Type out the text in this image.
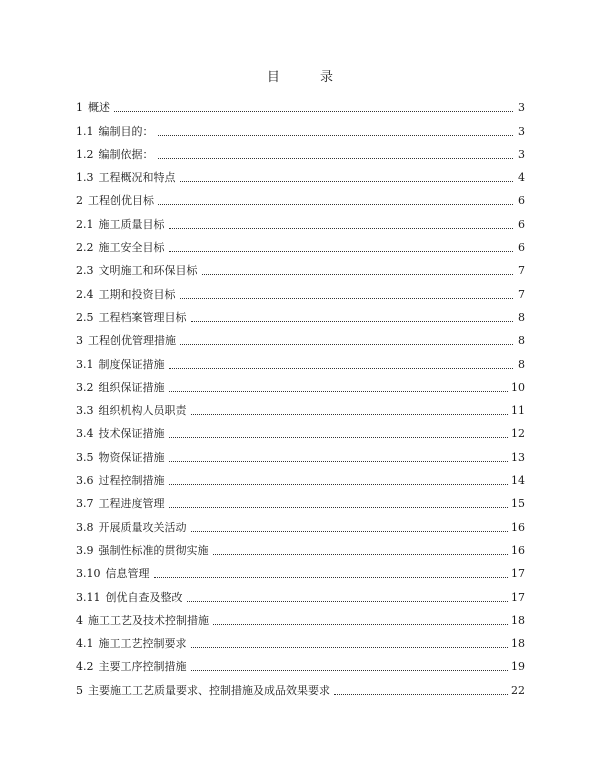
目 录
1 概述	3
1.1 编制目的：	3
1.2 编制依据：	3
1.3 工程概况和特点	4
2 工程创优目标	6
2.1 施工质量目标	6
2.2 施工安全目标	6
2.3 文明施工和环保目标	7
2.4 工期和投资目标	7
2.5 工程档案管理目标	8
3 工程创优管理措施	8
3.1 制度保证措施	8
3.2 组织保证措施	10
3.3 组织机构人员职责	11
3.4 技术保证措施	12
3.5 物资保证措施	13
3.6 过程控制措施	14
3.7 工程进度管理	15
3.8 开展质量攻关活动	16
3.9 强制性标准的贯彻实施	16
3.10 信息管理	17
3.11 创优自查及整改	17
4 施工工艺及技术控制措施	18
4.1 施工工艺控制要求	18
4.2 主要工序控制措施	19
5 主要施工工艺质量要求、控制措施及成品效果要求	22
